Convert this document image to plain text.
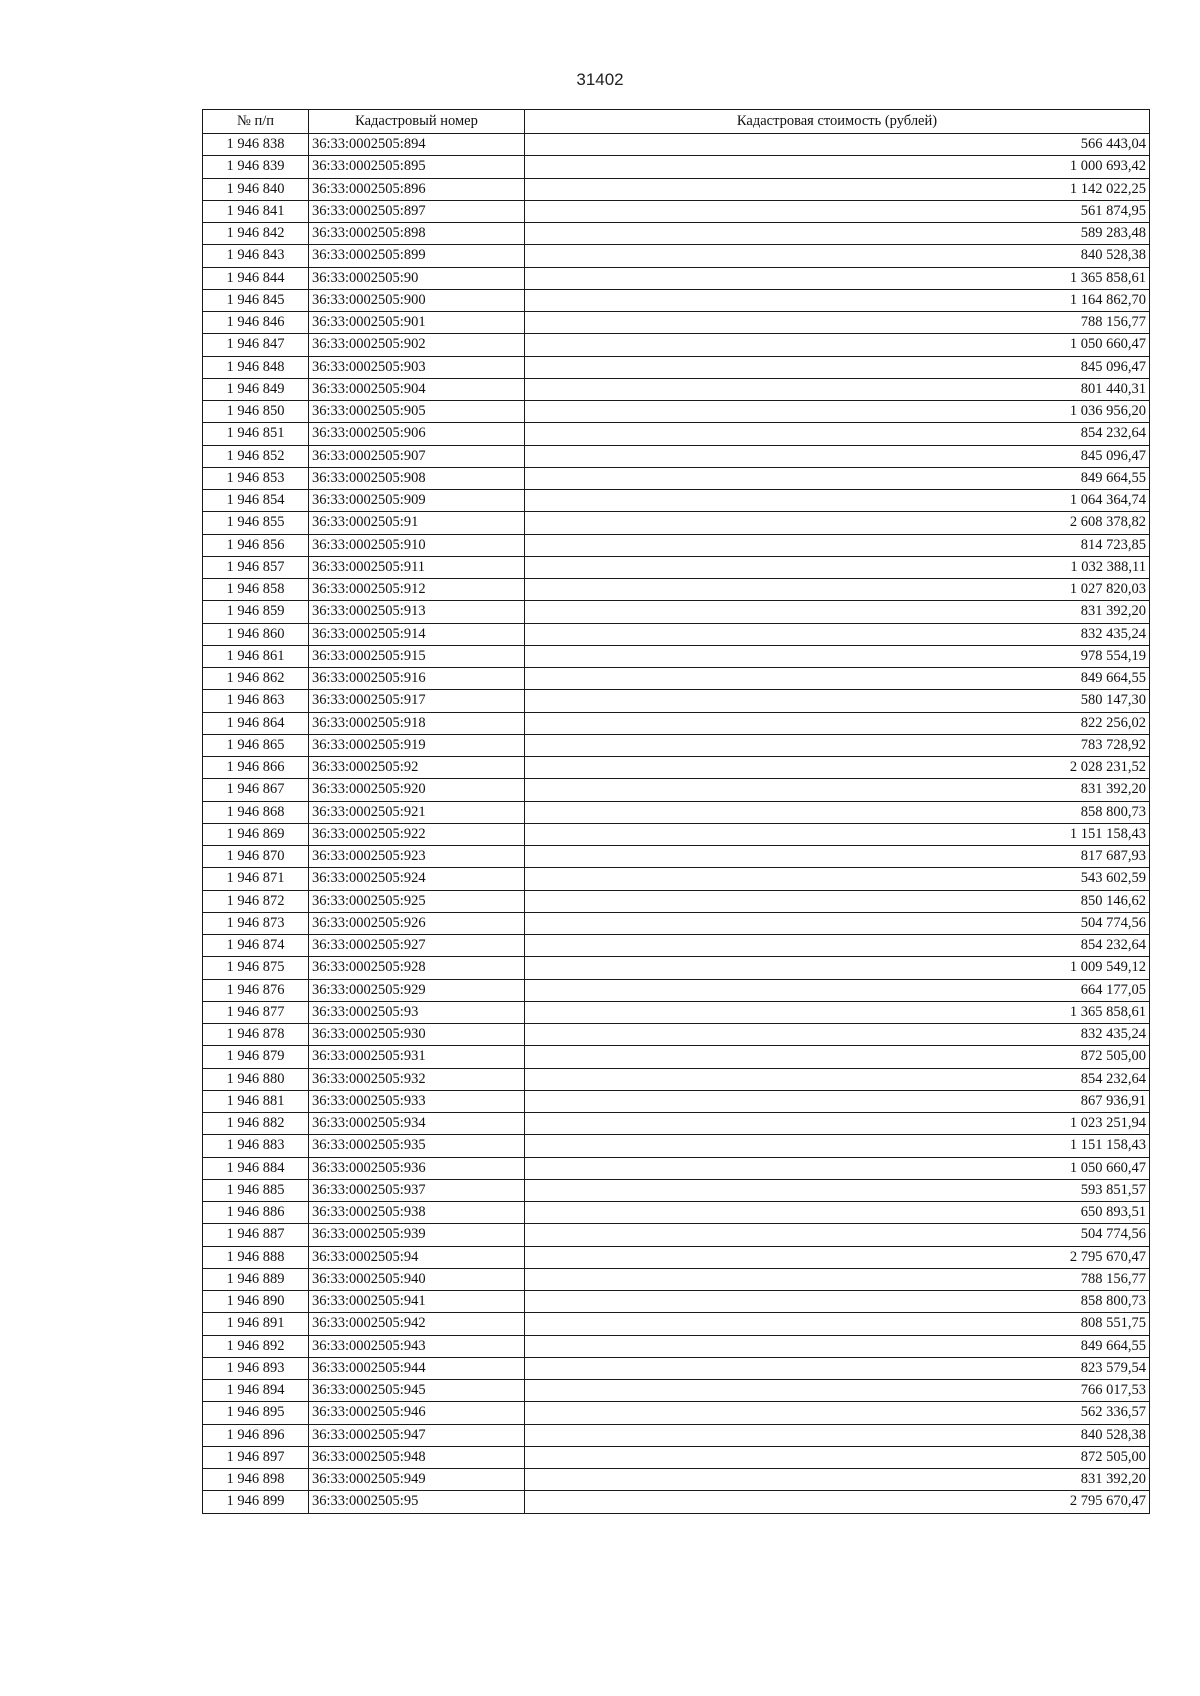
31402
№ п/п	Кадастровый номер	Кадастровая стоимость (рублей)
1 946 838	36:33:0002505:894	566 443,04
1 946 839	36:33:0002505:895	1 000 693,42
1 946 840	36:33:0002505:896	1 142 022,25
1 946 841	36:33:0002505:897	561 874,95
1 946 842	36:33:0002505:898	589 283,48
1 946 843	36:33:0002505:899	840 528,38
1 946 844	36:33:0002505:90	1 365 858,61
1 946 845	36:33:0002505:900	1 164 862,70
1 946 846	36:33:0002505:901	788 156,77
1 946 847	36:33:0002505:902	1 050 660,47
1 946 848	36:33:0002505:903	845 096,47
1 946 849	36:33:0002505:904	801 440,31
1 946 850	36:33:0002505:905	1 036 956,20
1 946 851	36:33:0002505:906	854 232,64
1 946 852	36:33:0002505:907	845 096,47
1 946 853	36:33:0002505:908	849 664,55
1 946 854	36:33:0002505:909	1 064 364,74
1 946 855	36:33:0002505:91	2 608 378,82
1 946 856	36:33:0002505:910	814 723,85
1 946 857	36:33:0002505:911	1 032 388,11
1 946 858	36:33:0002505:912	1 027 820,03
1 946 859	36:33:0002505:913	831 392,20
1 946 860	36:33:0002505:914	832 435,24
1 946 861	36:33:0002505:915	978 554,19
1 946 862	36:33:0002505:916	849 664,55
1 946 863	36:33:0002505:917	580 147,30
1 946 864	36:33:0002505:918	822 256,02
1 946 865	36:33:0002505:919	783 728,92
1 946 866	36:33:0002505:92	2 028 231,52
1 946 867	36:33:0002505:920	831 392,20
1 946 868	36:33:0002505:921	858 800,73
1 946 869	36:33:0002505:922	1 151 158,43
1 946 870	36:33:0002505:923	817 687,93
1 946 871	36:33:0002505:924	543 602,59
1 946 872	36:33:0002505:925	850 146,62
1 946 873	36:33:0002505:926	504 774,56
1 946 874	36:33:0002505:927	854 232,64
1 946 875	36:33:0002505:928	1 009 549,12
1 946 876	36:33:0002505:929	664 177,05
1 946 877	36:33:0002505:93	1 365 858,61
1 946 878	36:33:0002505:930	832 435,24
1 946 879	36:33:0002505:931	872 505,00
1 946 880	36:33:0002505:932	854 232,64
1 946 881	36:33:0002505:933	867 936,91
1 946 882	36:33:0002505:934	1 023 251,94
1 946 883	36:33:0002505:935	1 151 158,43
1 946 884	36:33:0002505:936	1 050 660,47
1 946 885	36:33:0002505:937	593 851,57
1 946 886	36:33:0002505:938	650 893,51
1 946 887	36:33:0002505:939	504 774,56
1 946 888	36:33:0002505:94	2 795 670,47
1 946 889	36:33:0002505:940	788 156,77
1 946 890	36:33:0002505:941	858 800,73
1 946 891	36:33:0002505:942	808 551,75
1 946 892	36:33:0002505:943	849 664,55
1 946 893	36:33:0002505:944	823 579,54
1 946 894	36:33:0002505:945	766 017,53
1 946 895	36:33:0002505:946	562 336,57
1 946 896	36:33:0002505:947	840 528,38
1 946 897	36:33:0002505:948	872 505,00
1 946 898	36:33:0002505:949	831 392,20
1 946 899	36:33:0002505:95	2 795 670,47
